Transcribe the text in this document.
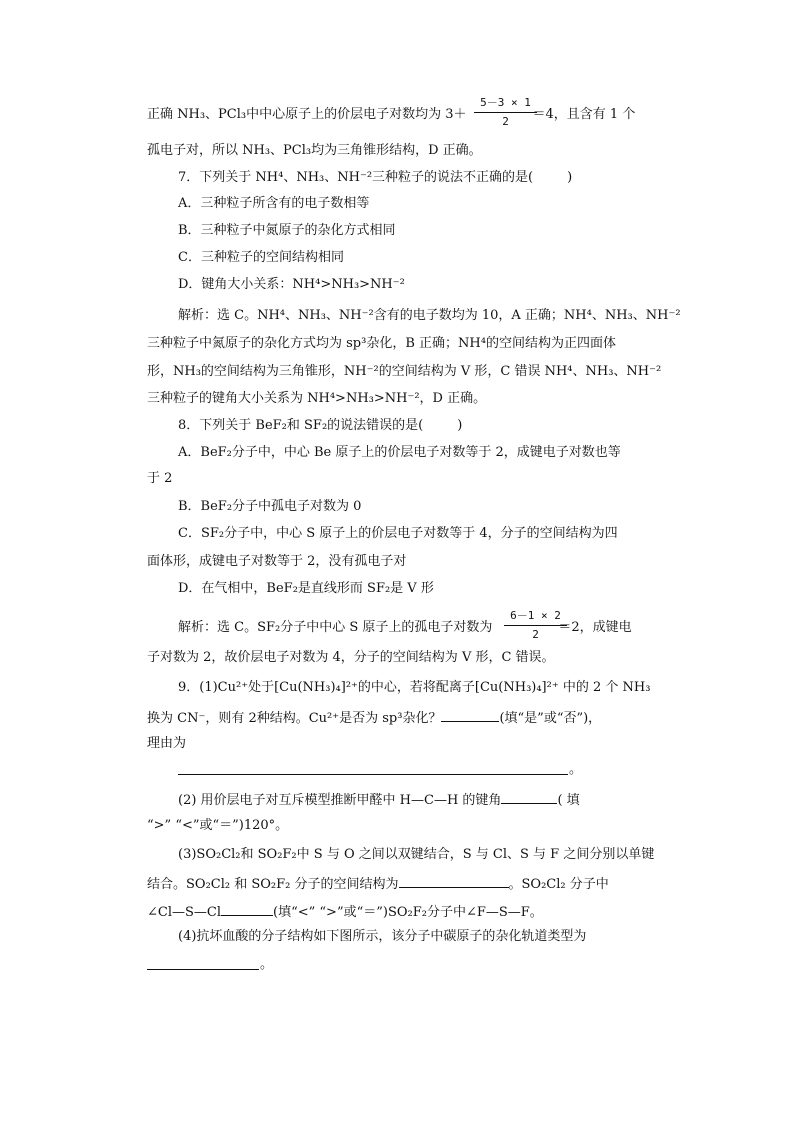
正确 NH₃、PCl₃中中心原子上的价层电子对数均为 3＋	＝4，且含有 1 个
5－3 × 1
2
孤电子对，所以 NH₃、PCl₃均为三角锥形结构，D 正确。
7．下列关于 NH⁴、NH₃、NH⁻²三种粒子的说法不正确的是(	)
A．三种粒子所含有的电子数相等
B．三种粒子中氮原子的杂化方式相同
C．三种粒子的空间结构相同
D．键角大小关系：NH⁴>NH₃>NH⁻²
解析：选 C。NH⁴、NH₃、NH⁻²含有的电子数均为 10，A 正确；NH⁴、NH₃、NH⁻²
三种粒子中氮原子的杂化方式均为 sp³杂化，B 正确；NH⁴的空间结构为正四面体
形，NH₃的空间结构为三角锥形，NH⁻²的空间结构为 V 形，C 错误 NH⁴、NH₃、NH⁻²
三种粒子的键角大小关系为 NH⁴>NH₃>NH⁻²，D 正确。
8．下列关于 BeF₂和 SF₂的说法错误的是(	)
A．BeF₂分子中，中心 Be 原子上的价层电子对数等于 2，成键电子对数也等
于 2
B．BeF₂分子中孤电子对数为 0
C．SF₂分子中，中心 S 原子上的价层电子对数等于 4，分子的空间结构为四
面体形，成键电子对数等于 2，没有孤电子对
D．在气相中，BeF₂是直线形而 SF₂是 V 形
解析：选 C。SF₂分子中中心 S 原子上的孤电子对数为	＝2，成键电
6－1 × 2
2
子对数为 2，故价层电子对数为 4，分子的空间结构为 V 形，C 错误。
9．(1)Cu²⁺处于[Cu(NH₃)₄]²⁺的中心，若将配离子[Cu(NH₃)₄]²⁺ 中的 2 个 NH₃
换为 CN⁻，则有 2种结构。Cu²⁺是否为 sp³杂化？	(填“是”或“否”)，
理由为
。
(2) 用价层电子对互斥模型推断甲醛中 H—C—H 的键角	( 填
“>” “<”或“＝”)120°。
(3)SO₂Cl₂和 SO₂F₂中 S 与 O 之间以双键结合，S 与 Cl、S 与 F 之间分别以单键
结合。SO₂Cl₂ 和 SO₂F₂ 分子的空间结构为	。SO₂Cl₂ 分子中
∠Cl—S—Cl	(填“<” “>”或“＝”)SO₂F₂分子中∠F—S—F。
(4)抗坏血酸的分子结构如下图所示，该分子中碳原子的杂化轨道类型为
。
